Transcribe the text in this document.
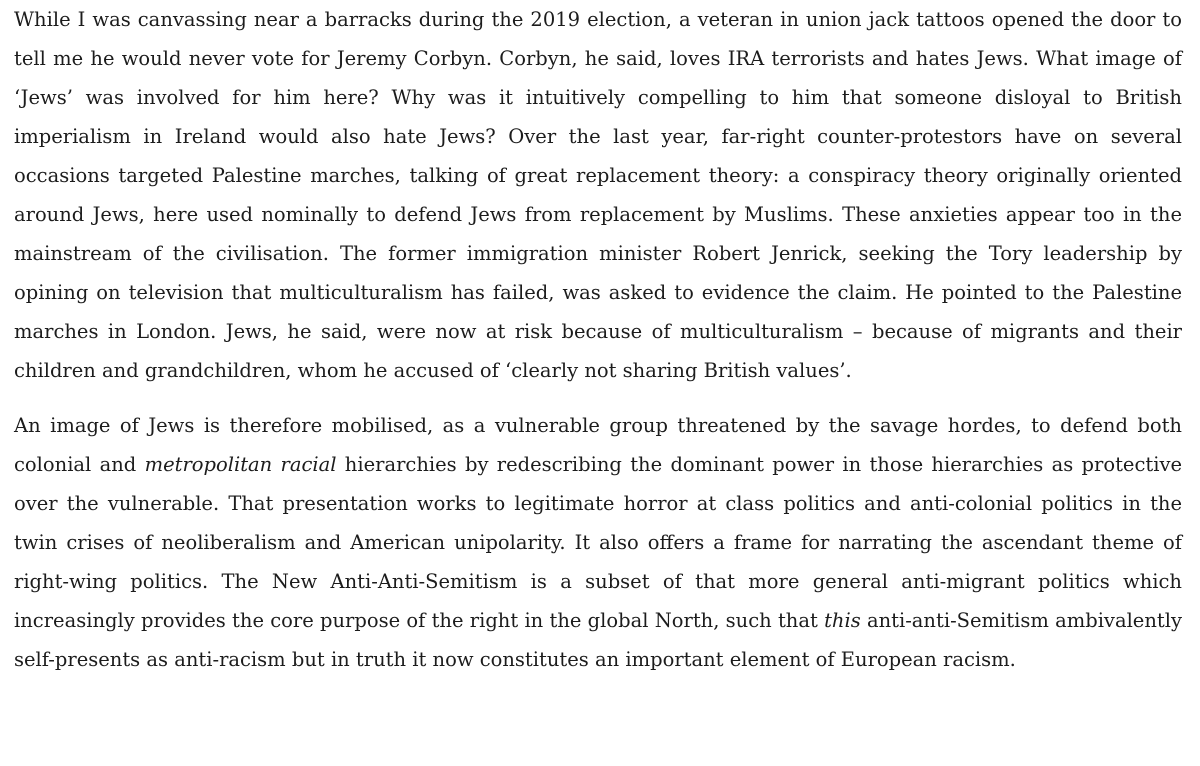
While I was canvassing near a barracks during the 2019 election, a veteran in union jack tattoos opened the door to tell me he would never vote for Jeremy Corbyn. Corbyn, he said, loves IRA terrorists and hates Jews. What image of ‘Jews’ was involved for him here? Why was it intuitively compelling to him that someone disloyal to British imperialism in Ireland would also hate Jews? Over the last year, far-right counter-protestors have on several occasions targeted Palestine marches, talking of great replacement theory: a conspiracy theory originally oriented around Jews, here used nominally to defend Jews from replacement by Muslims. These anxieties appear too in the mainstream of the civilisation. The former immigration minister Robert Jenrick, seeking the Tory leadership by opining on television that multiculturalism has failed, was asked to evidence the claim. He pointed to the Palestine marches in London. Jews, he said, were now at risk because of multiculturalism – because of migrants and their children and grandchildren, whom he accused of ‘clearly not sharing British values’.

An image of Jews is therefore mobilised, as a vulnerable group threatened by the savage hordes, to defend both colonial and metropolitan racial hierarchies by redescribing the dominant power in those hierarchies as protective over the vulnerable. That presentation works to legitimate horror at class politics and anti-colonial politics in the twin crises of neoliberalism and American unipolarity. It also offers a frame for narrating the ascendant theme of right-wing politics. The New Anti-Anti-Semitism is a subset of that more general anti-migrant politics which increasingly provides the core purpose of the right in the global North, such that this anti-anti-Semitism ambivalently self-presents as anti-racism but in truth it now constitutes an important element of European racism.
